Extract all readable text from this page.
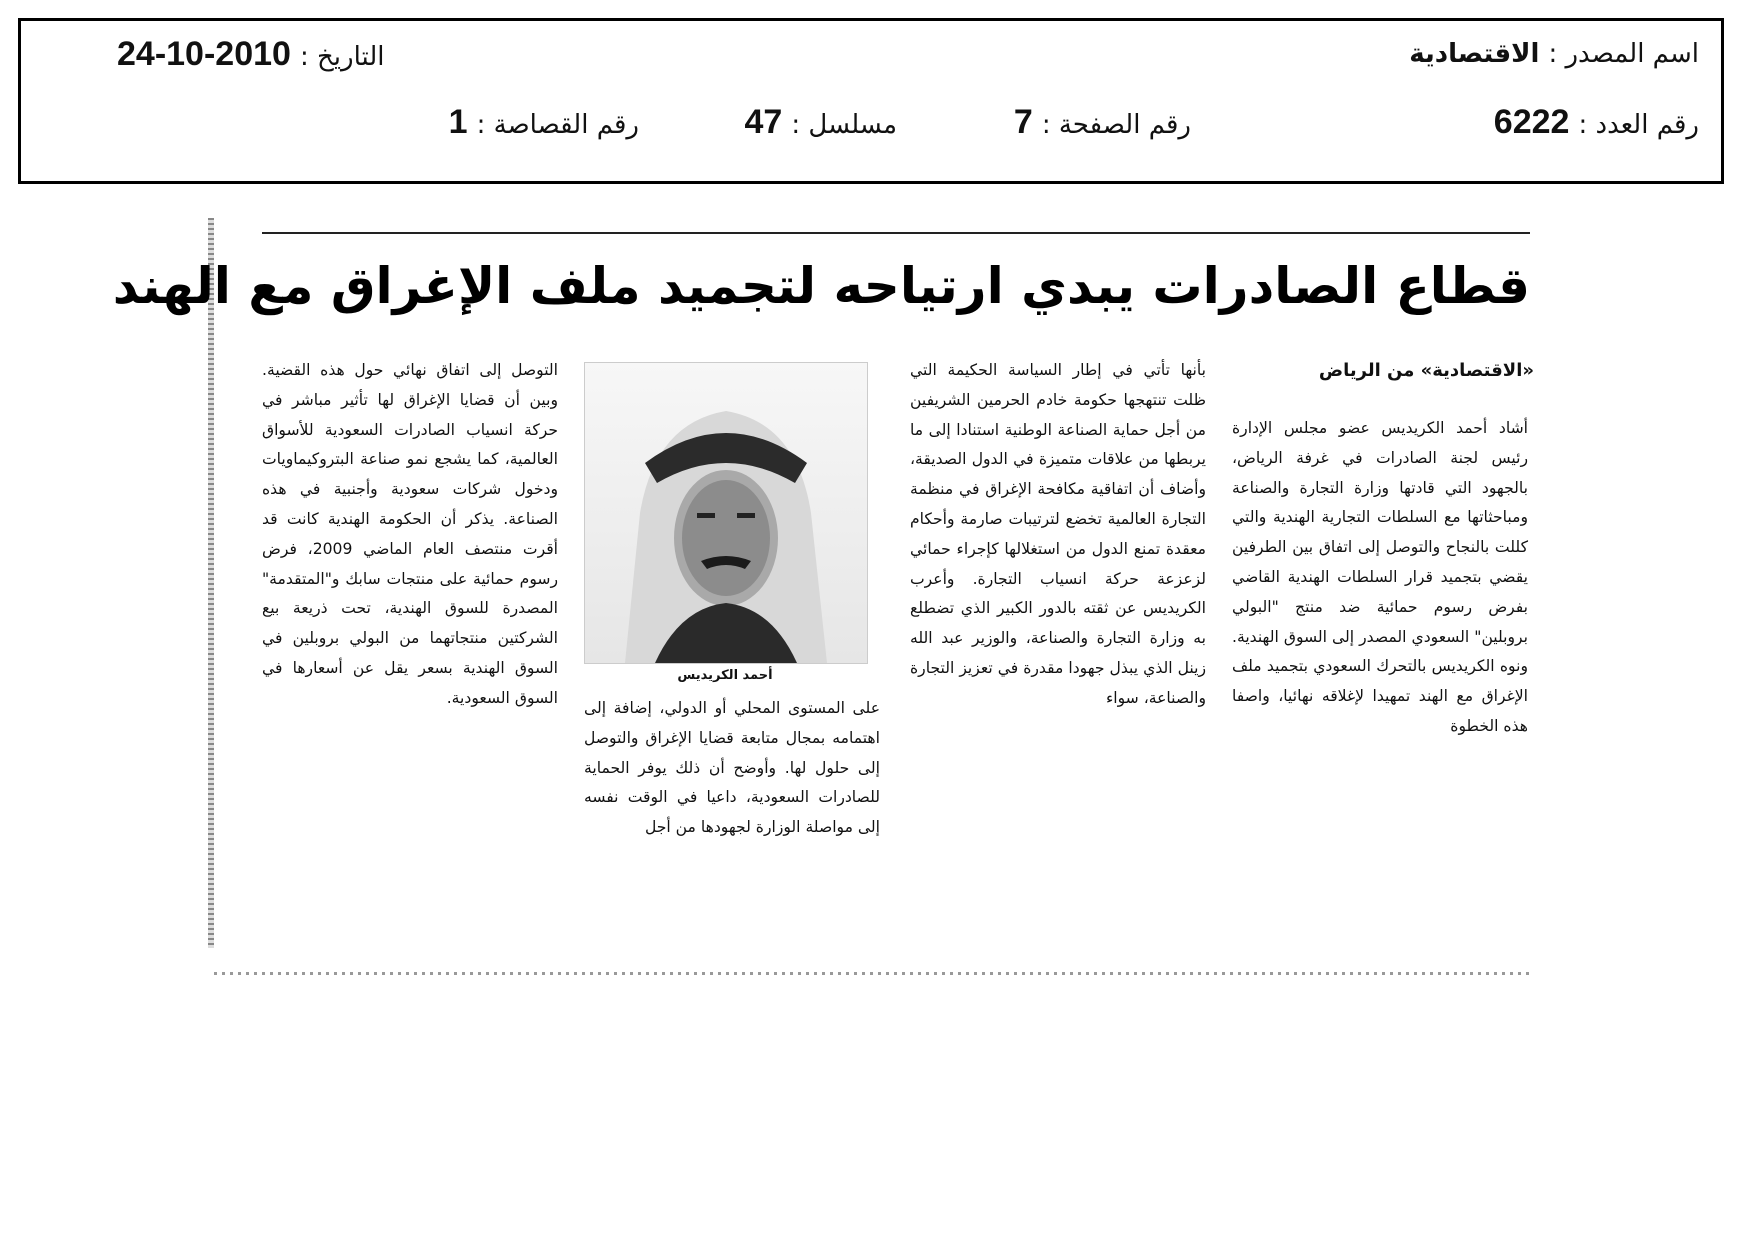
اسم المصدر : الاقتصادية
التاريخ : 24-10-2010
رقم العدد : 6222
رقم الصفحة : 7
مسلسل : 47
رقم القصاصة : 1
قطاع الصادرات يبدي ارتياحه لتجميد ملف الإغراق مع الهند
«الاقتصادية» من الرياض
أشاد أحمد الكريديس عضو مجلس الإدارة رئيس لجنة الصادرات في غرفة الرياض، بالجهود التي قادتها وزارة التجارة والصناعة ومباحثاتها مع السلطات التجارية الهندية والتي كللت بالنجاح والتوصل إلى اتفاق بين الطرفين يقضي بتجميد قرار السلطات الهندية القاضي بفرض رسوم حمائية ضد منتج "البولي بروبلين" السعودي المصدر إلى السوق الهندية. ونوه الكريديس بالتحرك السعودي بتجميد ملف الإغراق مع الهند تمهيدا لإغلاقه نهائيا، واصفا هذه الخطوة
بأنها تأتي في إطار السياسة الحكيمة التي ظلت تنتهجها حكومة خادم الحرمين الشريفين من أجل حماية الصناعة الوطنية استنادا إلى ما يربطها من علاقات متميزة في الدول الصديقة، وأضاف أن اتفاقية مكافحة الإغراق في منظمة التجارة العالمية تخضع لترتيبات صارمة وأحكام معقدة تمنع الدول من استغلالها كإجراء حمائي لزعزعة حركة انسياب التجارة. وأعرب الكريديس عن ثقته بالدور الكبير الذي تضطلع به وزارة التجارة والصناعة، والوزير عبد الله زينل الذي يبذل جهودا مقدرة في تعزيز التجارة والصناعة، سواء
أحمد الكريديس
على المستوى المحلي أو الدولي، إضافة إلى اهتمامه بمجال متابعة قضايا الإغراق والتوصل إلى حلول لها. وأوضح أن ذلك يوفر الحماية للصادرات السعودية، داعيا في الوقت نفسه إلى مواصلة الوزارة لجهودها من أجل
التوصل إلى اتفاق نهائي حول هذه القضية. وبين أن قضايا الإغراق لها تأثير مباشر في حركة انسياب الصادرات السعودية للأسواق العالمية، كما يشجع نمو صناعة البتروكيماويات ودخول شركات سعودية وأجنبية في هذه الصناعة. يذكر أن الحكومة الهندية كانت قد أقرت منتصف العام الماضي 2009، فرض رسوم حمائية على منتجات سابك و"المتقدمة" المصدرة للسوق الهندية، تحت ذريعة بيع الشركتين منتجاتهما من البولي بروبلين في السوق الهندية بسعر يقل عن أسعارها في السوق السعودية.
